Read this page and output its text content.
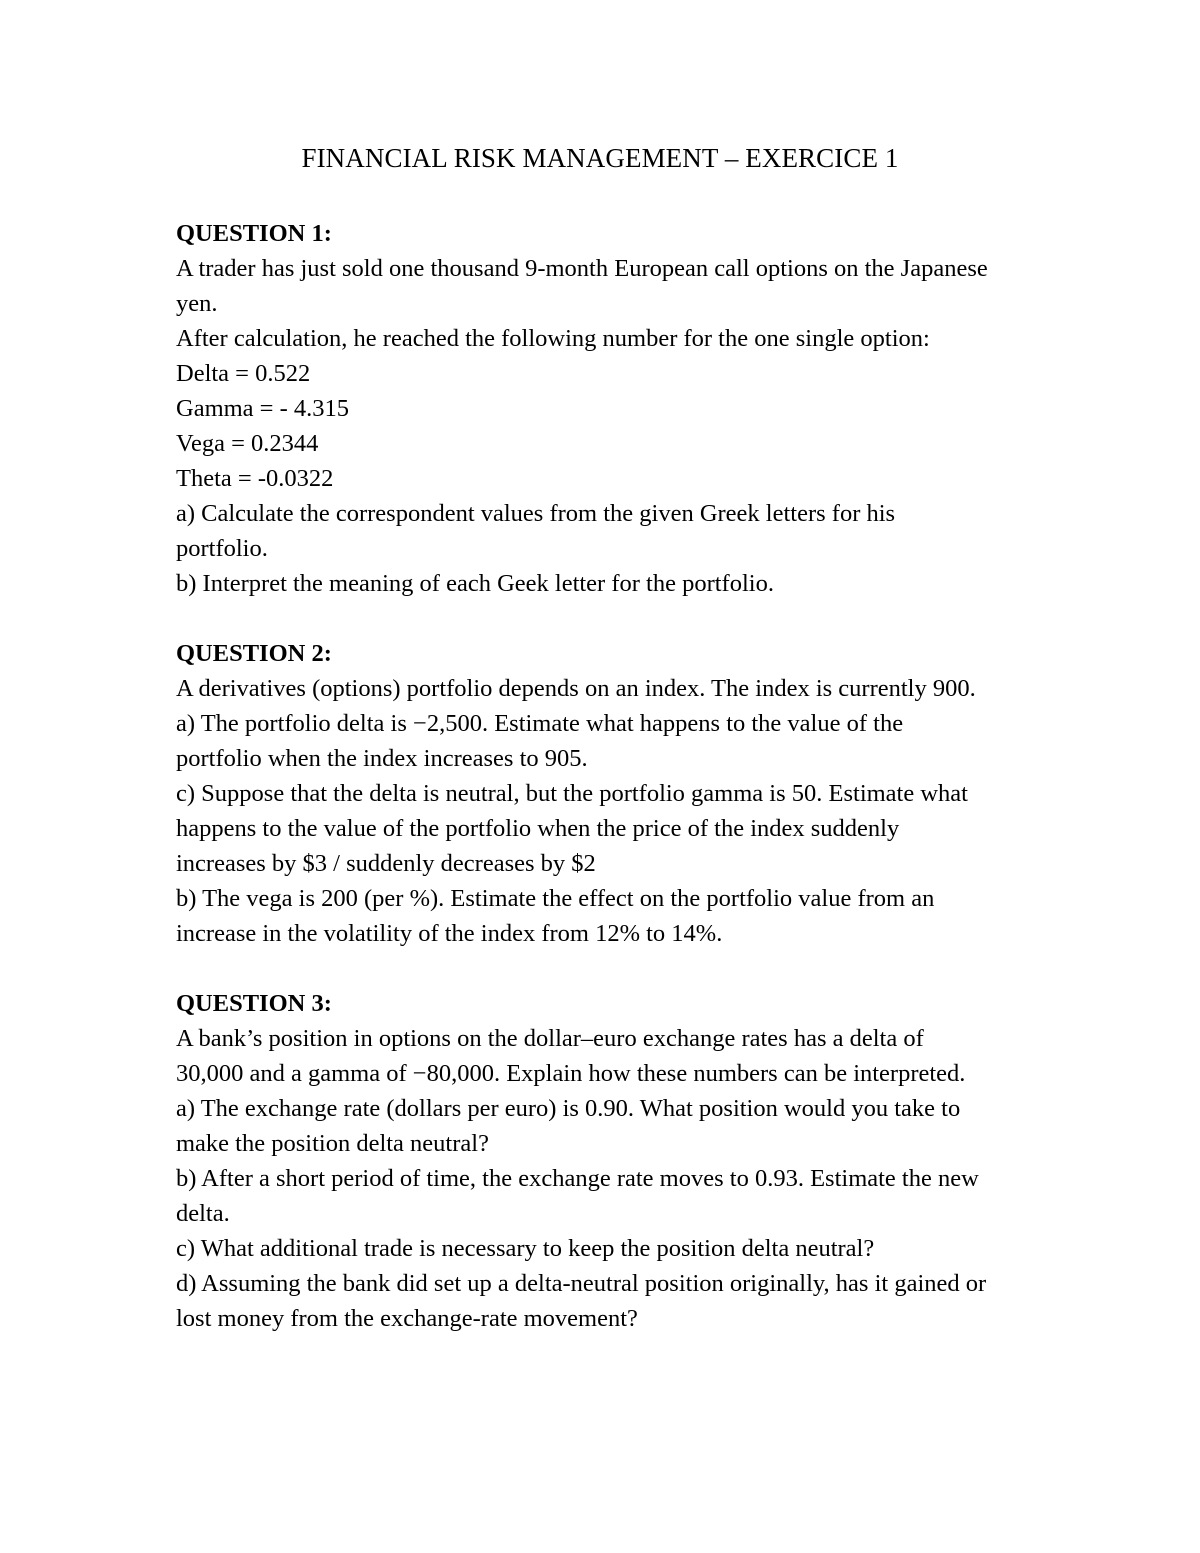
FINANCIAL RISK MANAGEMENT – EXERCICE 1

QUESTION 1:

A trader has just sold one thousand 9-month European call options on the Japanese

yen.

After calculation, he reached the following number for the one single option:

Delta = 0.522

Gamma = - 4.315

Vega = 0.2344

Theta = -0.0322

a) Calculate the correspondent values from the given Greek letters for his

portfolio.

b) Interpret the meaning of each Geek letter for the portfolio.

QUESTION 2:

A derivatives (options) portfolio depends on an index. The index is currently 900.

a) The portfolio delta is −2,500. Estimate what happens to the value of the

portfolio when the index increases to 905.

c) Suppose that the delta is neutral, but the portfolio gamma is 50. Estimate what

happens to the value of the portfolio when the price of the index suddenly

increases by $3 / suddenly decreases by $2

b) The vega is 200 (per %). Estimate the effect on the portfolio value from an

increase in the volatility of the index from 12% to 14%.

QUESTION 3:

A bank’s position in options on the dollar–euro exchange rates has a delta of

30,000 and a gamma of −80,000. Explain how these numbers can be interpreted.

a) The exchange rate (dollars per euro) is 0.90. What position would you take to

make the position delta neutral?

b) After a short period of time, the exchange rate moves to 0.93. Estimate the new

delta.

c) What additional trade is necessary to keep the position delta neutral?

d) Assuming the bank did set up a delta-neutral position originally, has it gained or

lost money from the exchange-rate movement?
